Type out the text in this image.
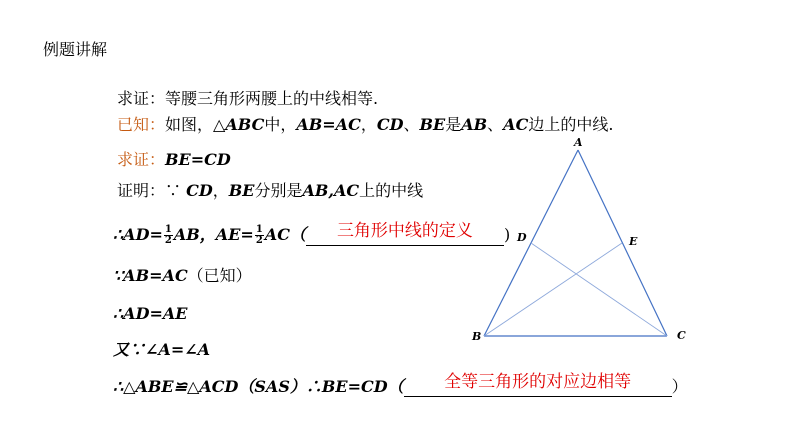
例题讲解
求证：等腰三角形两腰上的中线相等.
已知：如图，△ABC中，AB=AC，CD、BE是AB、AC边上的中线.
求证：BE=CD
证明：∵ CD，BE分别是AB,AC上的中线
∴AD= $\frac{1}{2}$ AB，$AE= \frac{1}{2} AC$（	三角形中线的定义	)
∵AB=AC（已知）
∴AD=AE
又∵∠A=∠A
∴△ABE≌△ACD（SAS）∴BE=CD（	全等三角形的对应边相等	）
A
B	C
D	E
